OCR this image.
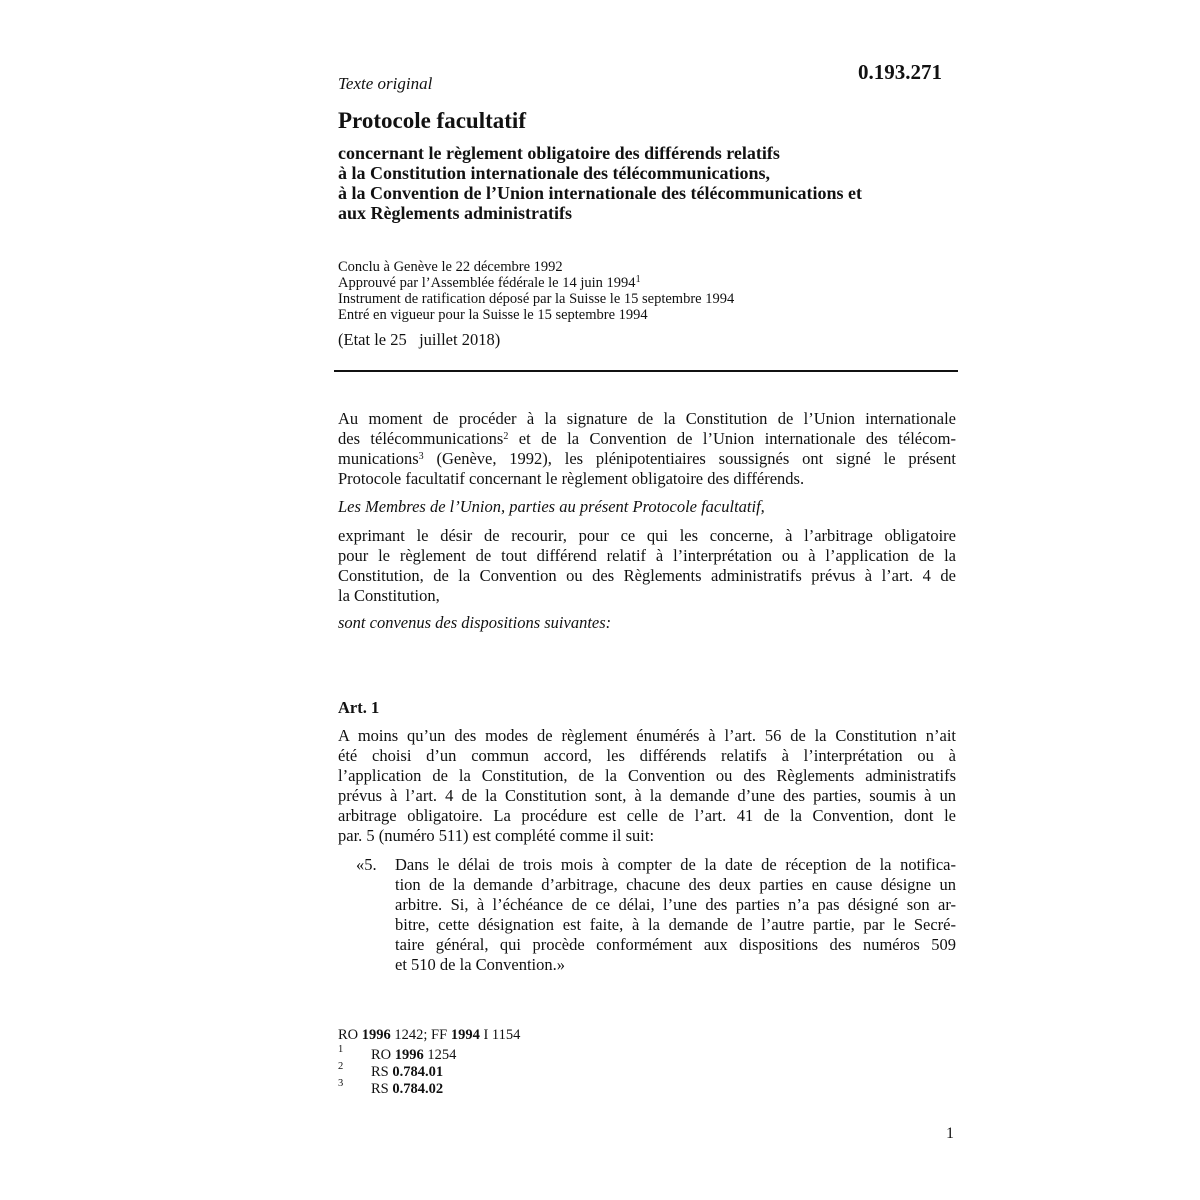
Texte original	0.193.271
Protocole facultatif
concernant le règlement obligatoire des différends relatifs
à la Constitution internationale des télécommunications,
à la Convention de l’Union internationale des télécommunications et
aux Règlements administratifs
Conclu à Genève le 22 décembre 1992
Approuvé par l’Assemblée fédérale le 14 juin 1994$^1$
Instrument de ratification déposé par la Suisse le 15 septembre 1994
Entré en vigueur pour la Suisse le 15 septembre 1994
(Etat le 25   juillet 2018)
Au moment de procéder à la signature de la Constitution de l’Union internationale
des télécommunications$^2$ et de la Convention de l’Union internationale des télécom-
munications$^3$ (Genève, 1992), les plénipotentiaires soussignés ont signé le présent
Protocole facultatif concernant le règlement obligatoire des différends.
Les Membres de l’Union, parties au présent Protocole facultatif,
exprimant le désir de recourir, pour ce qui les concerne, à l’arbitrage obligatoire
pour le règlement de tout différend relatif à l’interprétation ou à l’application de la
Constitution, de la Convention ou des Règlements administratifs prévus à l’art. 4 de
la Constitution,
sont convenus des dispositions suivantes:
Art. 1
A moins qu’un des modes de règlement énumérés à l’art. 56 de la Constitution n’ait
été choisi d’un commun accord, les différends relatifs à l’interprétation ou à
l’application de la Constitution, de la Convention ou des Règlements administratifs
prévus à l’art. 4 de la Constitution sont, à la demande d’une des parties, soumis à un
arbitrage obligatoire. La procédure est celle de l’art. 41 de la Convention, dont le
par. 5 (numéro 511) est complété comme il suit:
«5. Dans le délai de trois mois à compter de la date de réception de la notifica-
tion de la demande d’arbitrage, chacune des deux parties en cause désigne un
arbitre. Si, à l’échéance de ce délai, l’une des parties n’a pas désigné son ar-
bitre, cette désignation est faite, à la demande de l’autre partie, par le Secré-
taire général, qui procède conformément aux dispositions des numéros 509
et 510 de la Convention.»
RO 1996 1242; FF 1994 I 1154
1 RO 1996 1254
2 RS 0.784.01
3 RS 0.784.02
1
